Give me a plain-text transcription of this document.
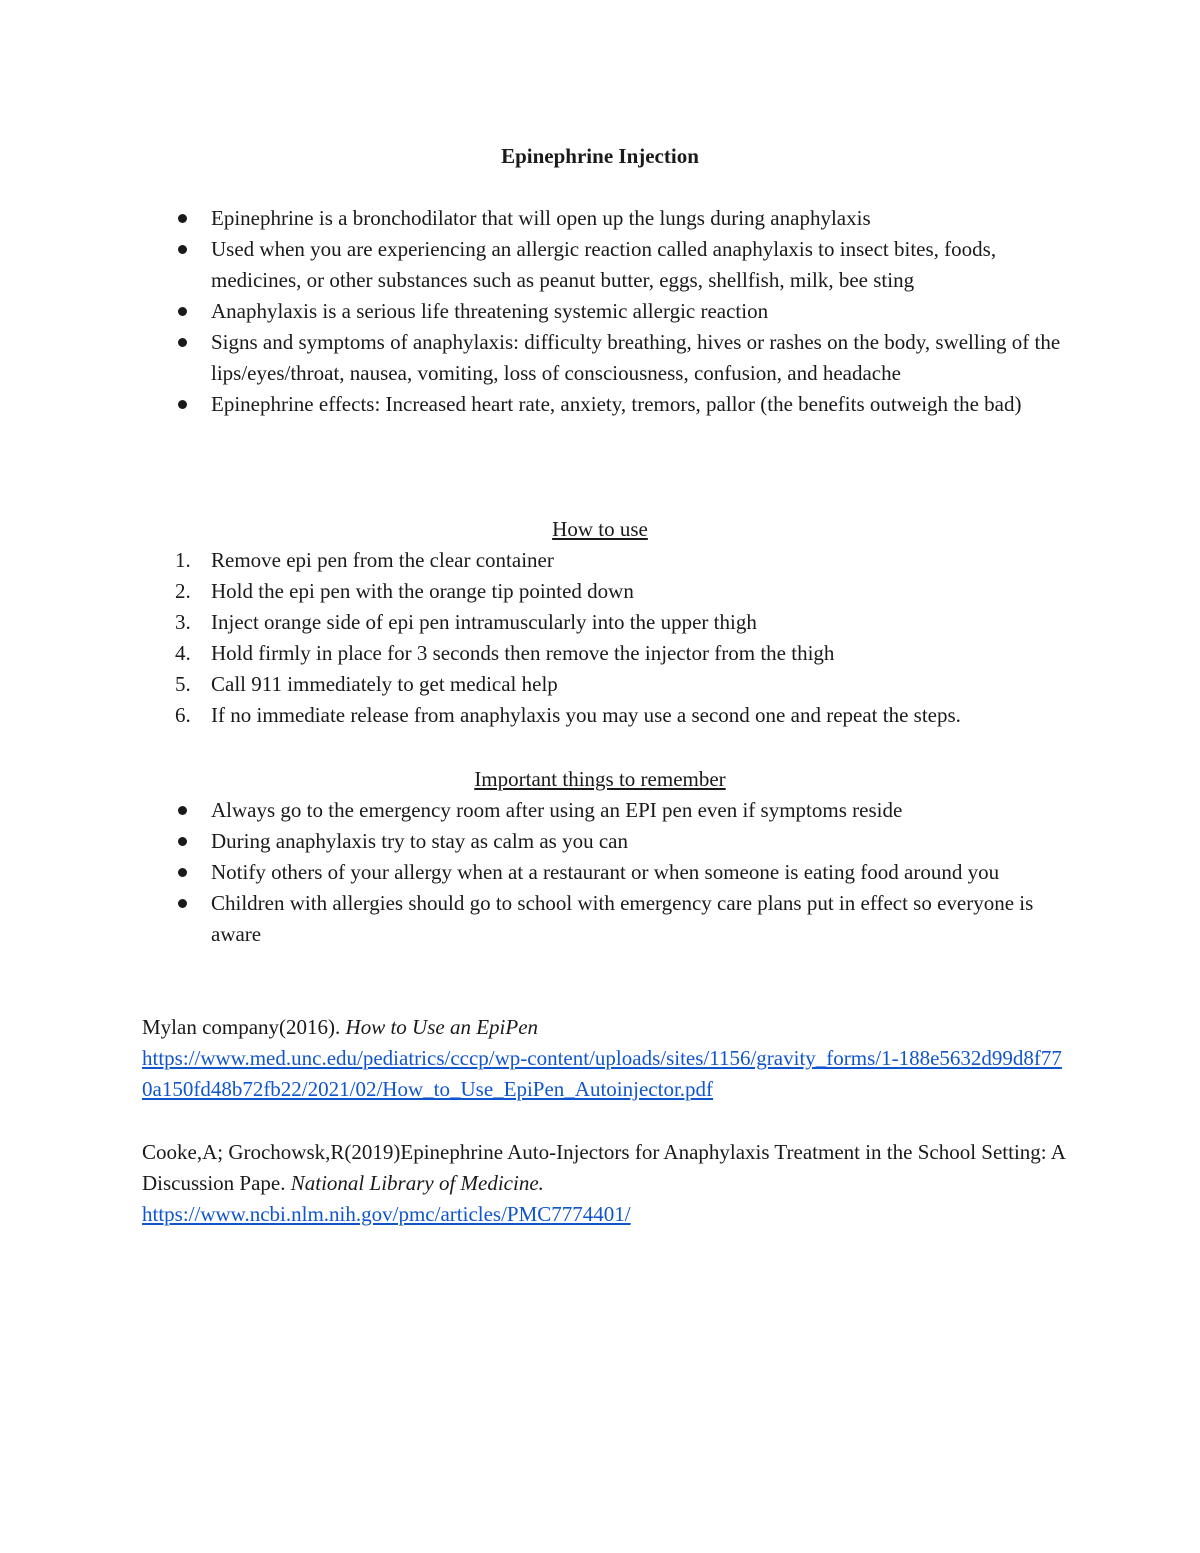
Epinephrine Injection
Epinephrine is a bronchodilator that will open up the lungs during anaphylaxis
Used when you are experiencing an allergic reaction called anaphylaxis to insect bites, foods, medicines, or other substances such as peanut butter, eggs, shellfish, milk, bee sting
Anaphylaxis is a serious life threatening systemic allergic reaction
Signs and symptoms of anaphylaxis: difficulty breathing, hives or rashes on the body, swelling of the lips/eyes/throat, nausea, vomiting, loss of consciousness, confusion, and headache
Epinephrine effects: Increased heart rate, anxiety, tremors, pallor (the benefits outweigh the bad)

How to use

1. Remove epi pen from the clear container
2. Hold the epi pen with the orange tip pointed down
3. Inject orange side of epi pen intramuscularly into the upper thigh
4. Hold firmly in place for 3 seconds then remove the injector from the thigh
5. Call 911 immediately to get medical help
6. If no immediate release from anaphylaxis you may use a second one and repeat the steps.

Important things to remember

Always go to the emergency room after using an EPI pen even if symptoms reside
During anaphylaxis try to stay as calm as you can
Notify others of your allergy when at a restaurant or when someone is eating food around you
Children with allergies should go to school with emergency care plans put in effect so everyone is aware

Mylan company(2016). How to Use an EpiPen

https://www.med.unc.edu/pediatrics/cccp/wp-content/uploads/sites/1156/gravity_forms/1-188e5632d99d8f770a150fd48b72fb22/2021/02/How_to_Use_EpiPen_Autoinjector.pdf

Cooke,A; Grochowsk,R(2019)Epinephrine Auto-Injectors for Anaphylaxis Treatment in the School Setting: A Discussion Pape. National Library of Medicine.

https://www.ncbi.nlm.nih.gov/pmc/articles/PMC7774401/
